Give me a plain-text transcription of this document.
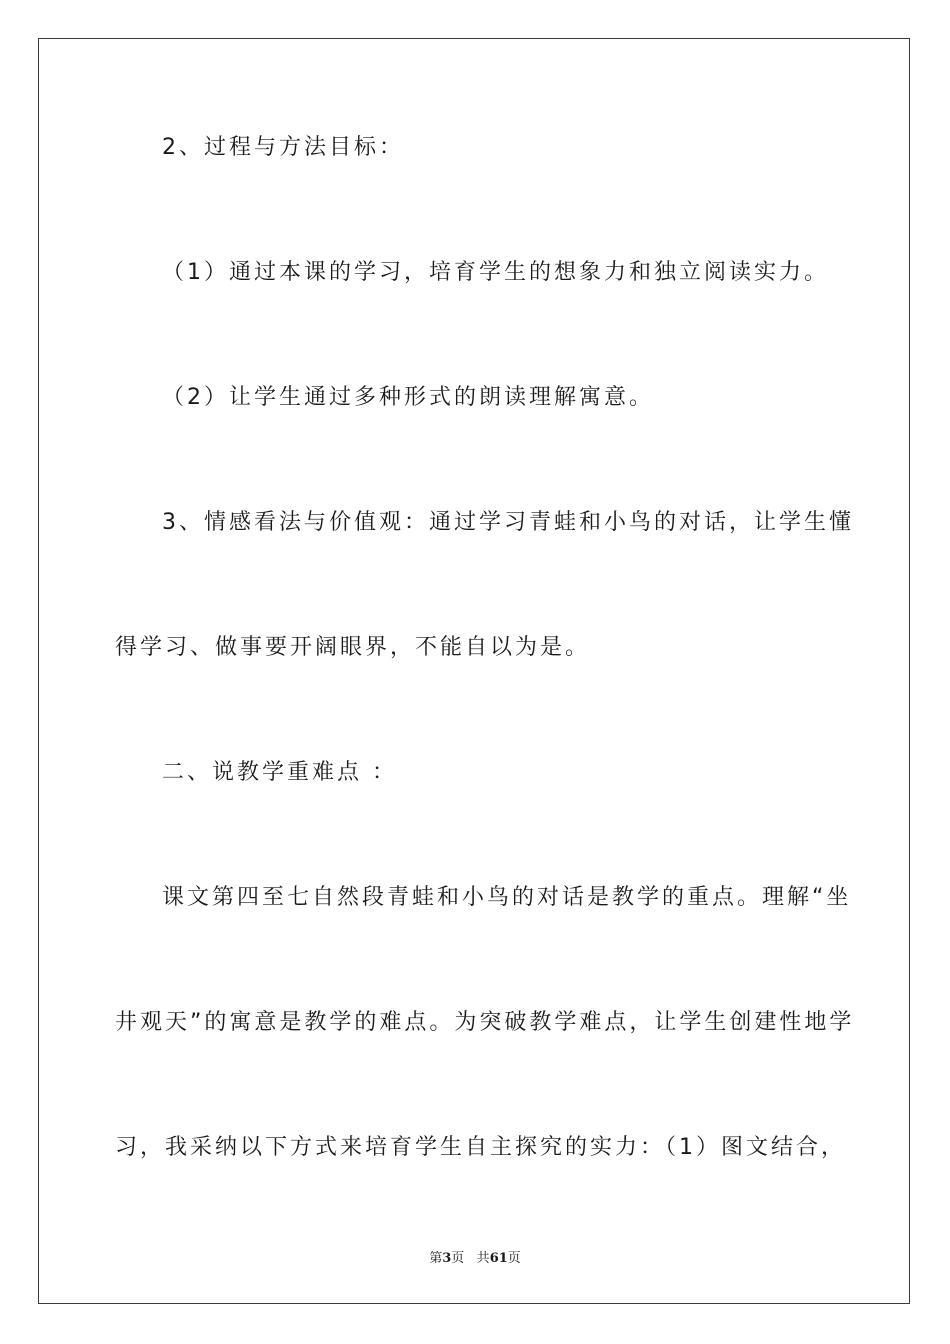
2、过程与方法目标：

（1）通过本课的学习，培育学生的想象力和独立阅读实力。

（2）让学生通过多种形式的朗读理解寓意。

3、情感看法与价值观：通过学习青蛙和小鸟的对话，让学生懂

得学习、做事要开阔眼界，不能自以为是。

二、说教学重难点 ：

课文第四至七自然段青蛙和小鸟的对话是教学的重点。理解“坐

井观天”的寓意是教学的难点。为突破教学难点，让学生创建性地学

习，我采纳以下方式来培育学生自主探究的实力：（1）图文结合，

第3页 共61页
